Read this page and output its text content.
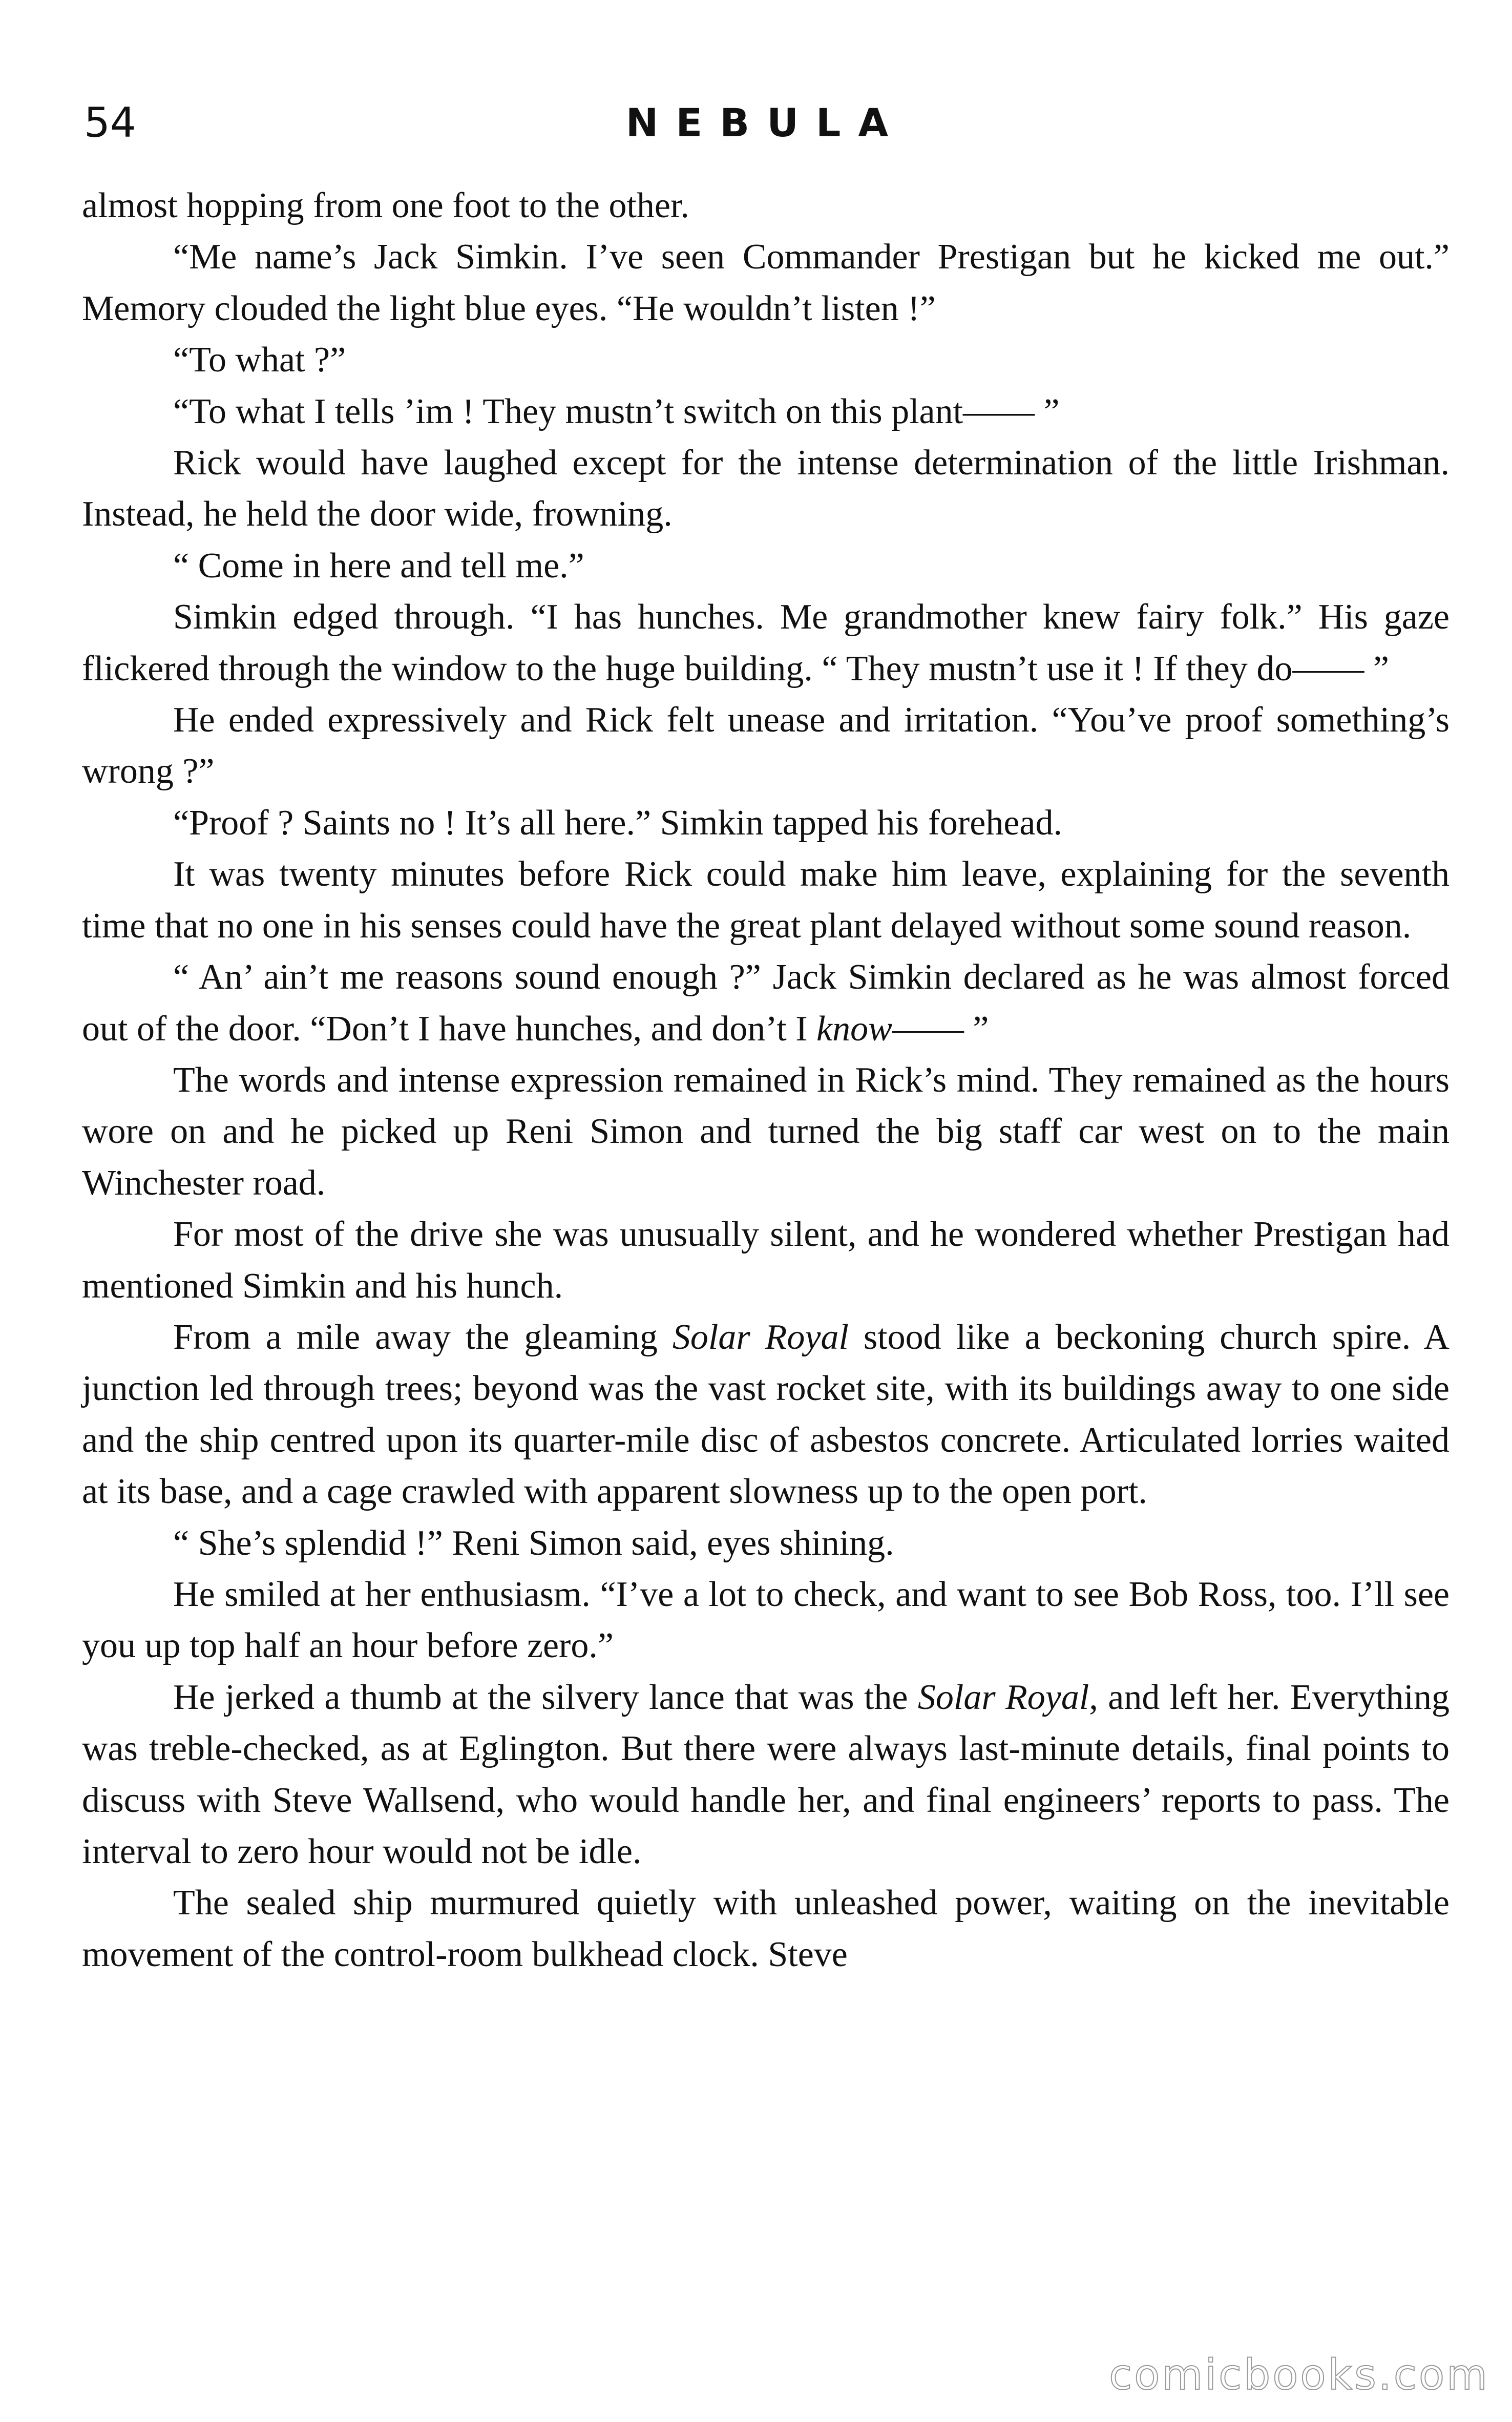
54	NEBULA

almost hopping from one foot to the other.

“Me name’s Jack Simkin. I’ve seen Commander Prestigan but he kicked me out.” Memory clouded the light blue eyes. “He wouldn’t listen !”

“To what ?”

“To what I tells ’im ! They mustn’t switch on this plant—— ”

Rick would have laughed except for the intense determination of the little Irishman. Instead, he held the door wide, frowning.

“ Come in here and tell me.”

Simkin edged through. “I has hunches. Me grandmother knew fairy folk.” His gaze flickered through the window to the huge building. “ They mustn’t use it ! If they do—— ”

He ended expressively and Rick felt unease and irritation. “You’ve proof something’s wrong ?”

“Proof ? Saints no ! It’s all here.” Simkin tapped his forehead.

It was twenty minutes before Rick could make him leave, explaining for the seventh time that no one in his senses could have the great plant delayed without some sound reason.

“ An’ ain’t me reasons sound enough ?” Jack Simkin declared as he was almost forced out of the door. “Don’t I have hunches, and don’t I know—— ”

The words and intense expression remained in Rick’s mind. They remained as the hours wore on and he picked up Reni Simon and turned the big staff car west on to the main Winchester road.

For most of the drive she was unusually silent, and he wondered whether Prestigan had mentioned Simkin and his hunch.

From a mile away the gleaming Solar Royal stood like a beckoning church spire. A junction led through trees; beyond was the vast rocket site, with its buildings away to one side and the ship centred upon its quarter-mile disc of asbestos concrete. Articulated lorries waited at its base, and a cage crawled with apparent slowness up to the open port.

“ She’s splendid !” Reni Simon said, eyes shining.

He smiled at her enthusiasm. “I’ve a lot to check, and want to see Bob Ross, too. I’ll see you up top half an hour before zero.”

He jerked a thumb at the silvery lance that was the Solar Royal, and left her. Everything was treble-checked, as at Eglington. But there were always last-minute details, final points to discuss with Steve Wallsend, who would handle her, and final engineers’ reports to pass. The interval to zero hour would not be idle.

The sealed ship murmured quietly with unleashed power, waiting on the inevitable movement of the control-room bulkhead clock. Steve

comicbooks.com
